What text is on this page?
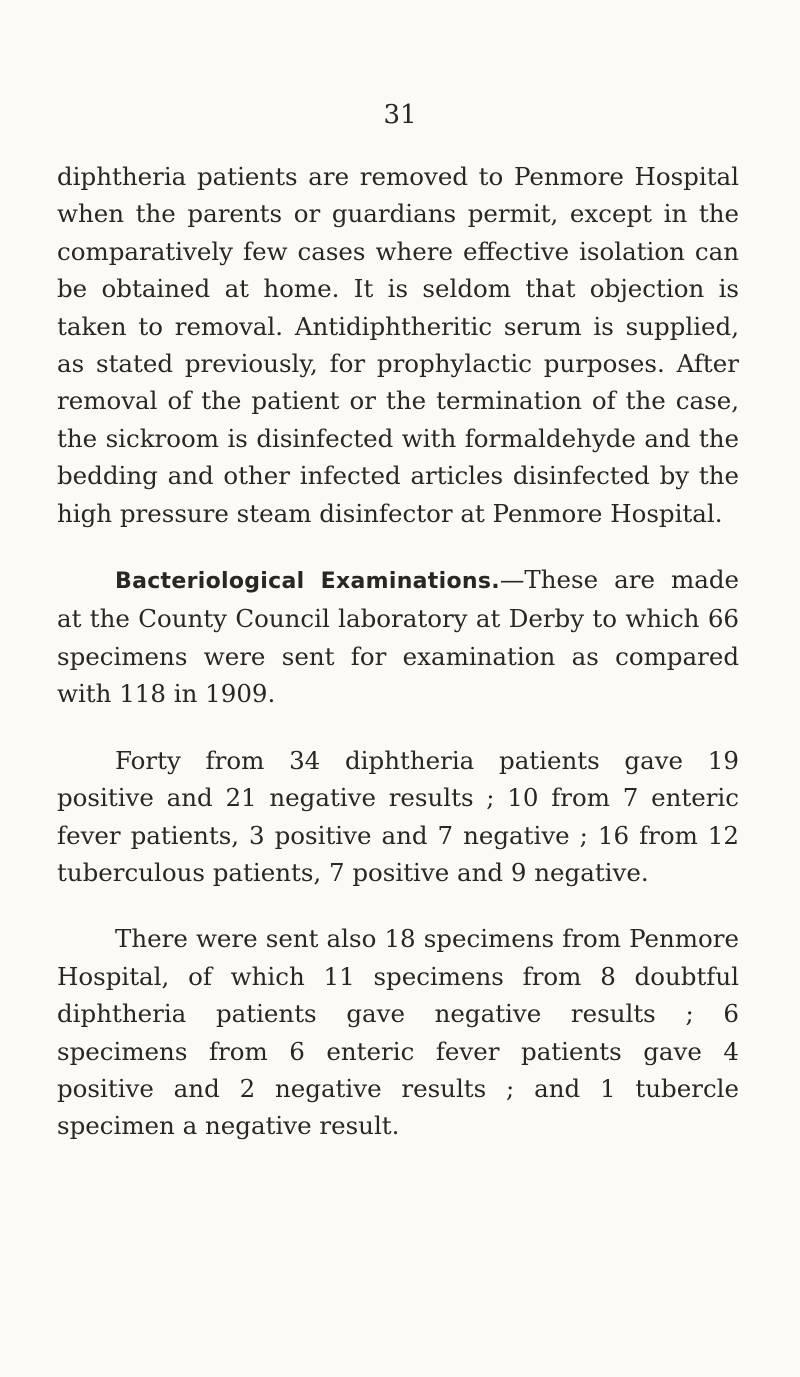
31

diphtheria patients are removed to Penmore Hospital when the parents or guardians permit, except in the comparatively few cases where effective isolation can be obtained at home. It is seldom that objection is taken to removal. Antidiphtheritic serum is supplied, as stated previously, for prophylactic purposes. After removal of the patient or the termination of the case, the sickroom is disinfected with formaldehyde and the bedding and other infected articles disinfected by the high pressure steam disinfector at Penmore Hospital.

Bacteriological Examinations.—These are made at the County Council laboratory at Derby to which 66 specimens were sent for examination as compared with 118 in 1909.

Forty from 34 diphtheria patients gave 19 positive and 21 negative results ; 10 from 7 enteric fever patients, 3 positive and 7 negative ; 16 from 12 tuberculous patients, 7 positive and 9 negative.

There were sent also 18 specimens from Penmore Hospital, of which 11 specimens from 8 doubtful diphtheria patients gave negative results ; 6 specimens from 6 enteric fever patients gave 4 positive and 2 negative results ; and 1 tubercle specimen a negative result.
